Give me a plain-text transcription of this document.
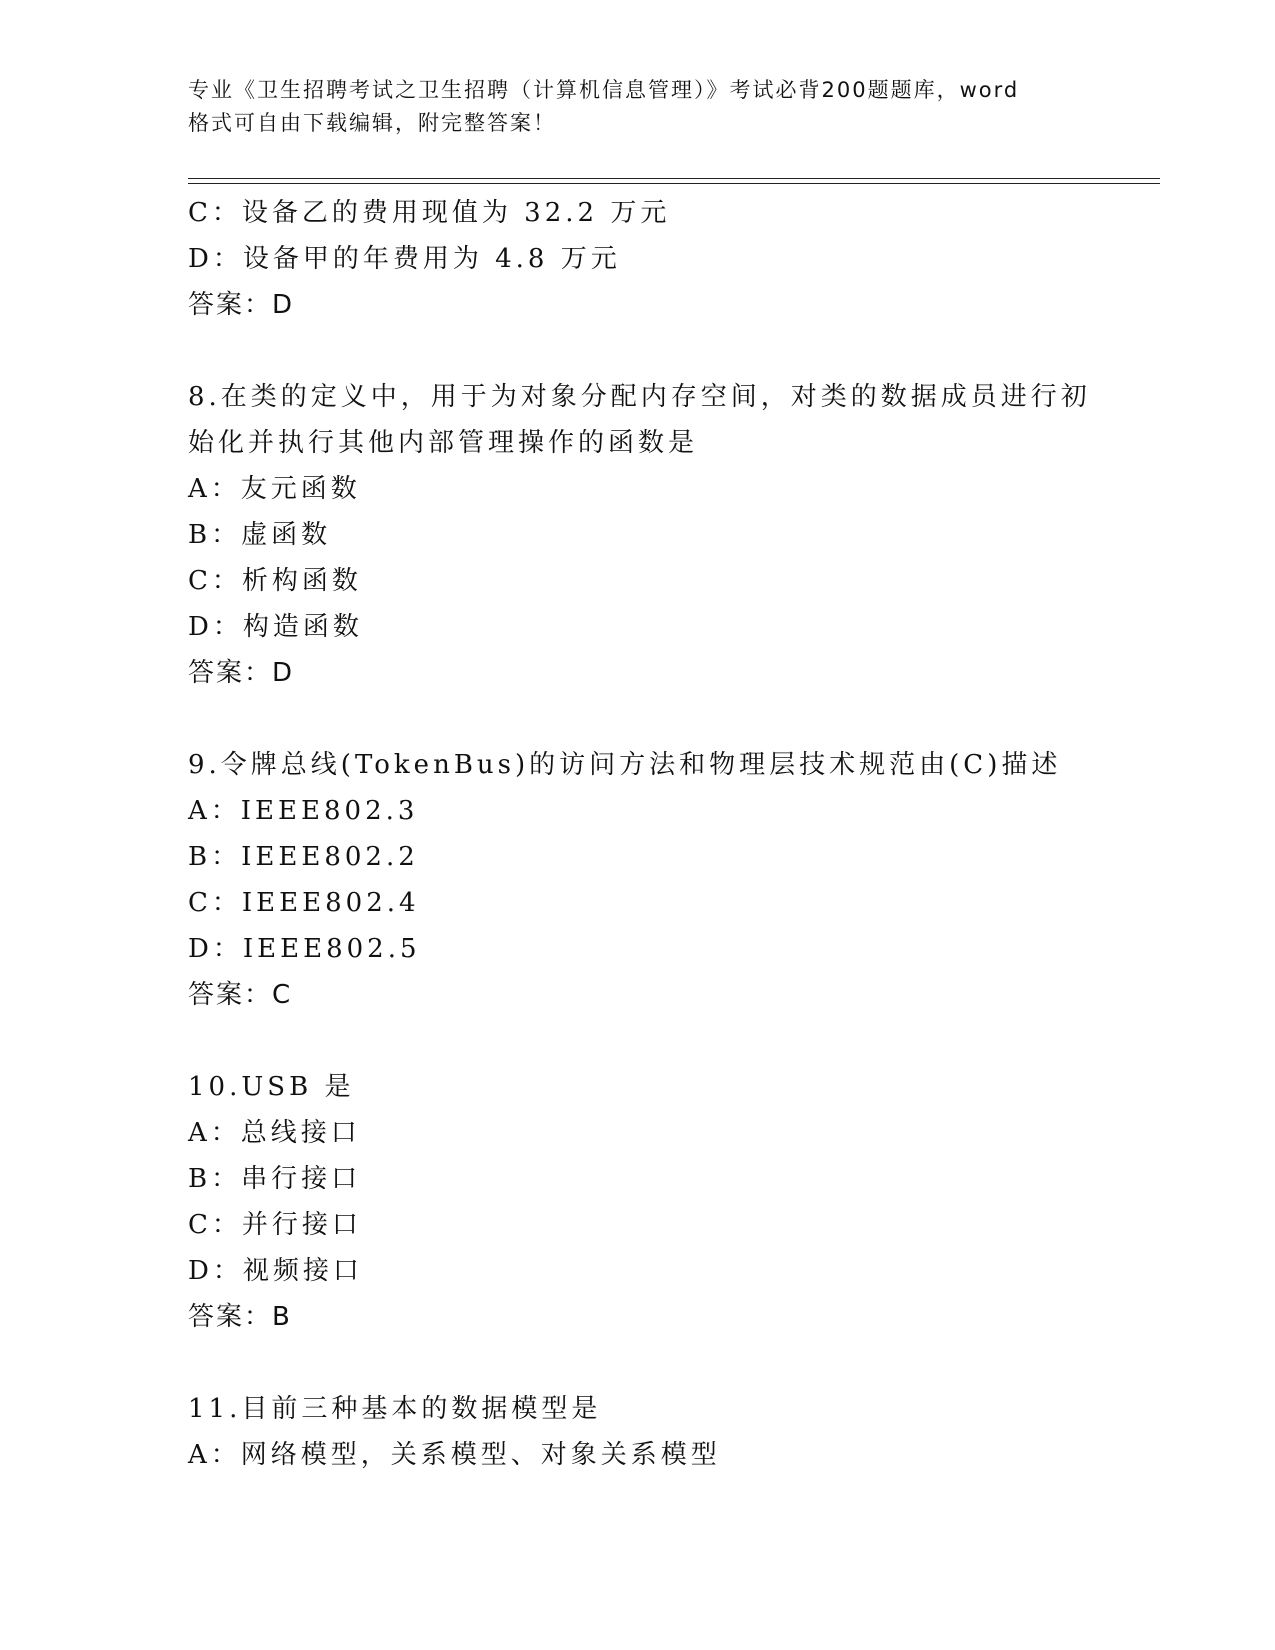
专业《卫生招聘考试之卫生招聘（计算机信息管理）》考试必背200题题库，word
格式可自由下载编辑，附完整答案！
C：设备乙的费用现值为 32.2 万元
D：设备甲的年费用为 4.8 万元
答案：D
8.在类的定义中，用于为对象分配内存空间，对类的数据成员进行初
始化并执行其他内部管理操作的函数是
A：友元函数
B：虚函数
C：析构函数
D：构造函数
答案：D
9.令牌总线(TokenBus)的访问方法和物理层技术规范由(C)描述
A：IEEE802.3
B：IEEE802.2
C：IEEE802.4
D：IEEE802.5
答案：C
10.USB 是
A：总线接口
B：串行接口
C：并行接口
D：视频接口
答案：B
11.目前三种基本的数据模型是
A：网络模型，关系模型、对象关系模型
